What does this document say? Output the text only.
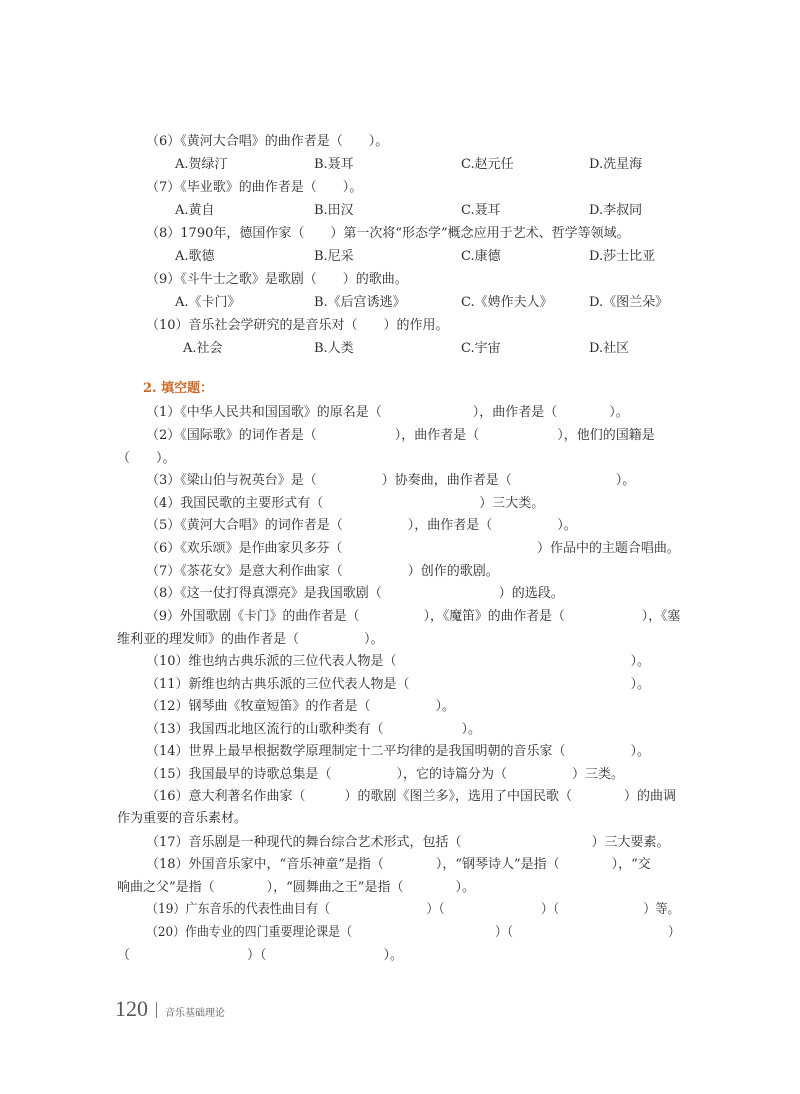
（6）《黄河大合唱》的曲作者是（　　）。
A.贺绿汀	B.聂耳	C.赵元任	D.冼星海
（7）《毕业歌》的曲作者是（　　）。
A.黄自	B.田汉	C.聂耳	D.李叔同
（8）1790年，德国作家（　　）第一次将“形态学”概念应用于艺术、哲学等领域。
A.歌德	B.尼采	C.康德	D.莎士比亚
（9）《斗牛士之歌》是歌剧（　　）的歌曲。
A.《卡门》	B.《后宫诱逃》	C.《娉作夫人》	D.《图兰朵》
（10）音乐社会学研究的是音乐对（　　）的作用。
A.社会	B.人类	C.宇宙	D.社区
2. 填空题：
（1）《中华人民共和国国歌》的原名是（　　　　　　　），曲作者是（　　　　）。
（2）《国际歌》的词作者是（　　　　　　），曲作者是（　　　　　　），他们的国籍是
（　　）。
（3）《梁山伯与祝英台》是（　　　　　）协奏曲，曲作者是（　　　　　　　　）。
（4）我国民歌的主要形式有（　　　　　　　　　　　　）三大类。
（5）《黄河大合唱》的词作者是（　　　　　），曲作者是（　　　　　）。
（6）《欢乐颂》是作曲家贝多芬（　　　　　　　　　　　　　　　）作品中的主题合唱曲。
（7）《茶花女》是意大利作曲家（　　　　　）创作的歌剧。
（8）《这一仗打得真漂亮》是我国歌剧（　　　　　　　　　）的选段。
（9）外国歌剧《卡门》的曲作者是（　　　　　），《魔笛》的曲作者是（　　　　　　），《塞
维利亚的理发师》的曲作者是（　　　　　）。
（10）维也纳古典乐派的三位代表人物是（　　　　　　　　　　　　　　　　　　）。
（11）新维也纳古典乐派的三位代表人物是（　　　　　　　　　　　　　　　　　）。
（12）钢琴曲《牧童短笛》的作者是（　　　　　）。
（13）我国西北地区流行的山歌种类有（　　　　　　）。
（14）世界上最早根据数学原理制定十二平均律的是我国明朝的音乐家（　　　　　）。
（15）我国最早的诗歌总集是（　　　　　），它的诗篇分为（　　　　　）三类。
（16）意大利著名作曲家（　　　）的歌剧《图兰多》，选用了中国民歌（　　　　）的曲调
作为重要的音乐素材。
（17）音乐剧是一种现代的舞台综合艺术形式，包括（　　　　　　　　　　）三大要素。
（18）外国音乐家中，“音乐神童”是指（　　　　），“钢琴诗人”是指（　　　　），“交
响曲之父”是指（　　　　），“圆舞曲之王”是指（　　　　）。
（19）广东音乐的代表性曲目有（　　　　　　　　）（　　　　　　　　）（　　　　　　　）等。
（20）作曲专业的四门重要理论课是（　　　　　　　　　　　　）（　　　　　　　　　　　　　）
（　　　　　　　　　）（　　　　　　　　　）。
120 音乐基础理论
